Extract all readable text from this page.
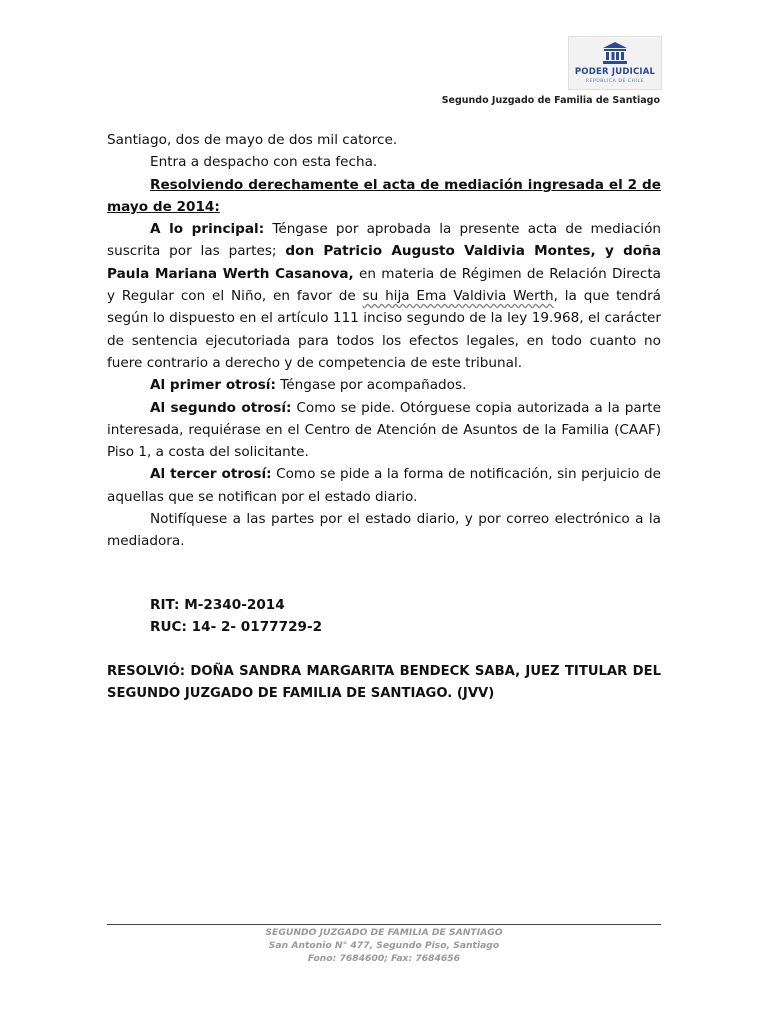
PODER JUDICIAL
REPÚBLICA DE CHILE
Segundo Juzgado de Familia de Santiago

Santiago, dos de mayo de dos mil catorce.

Entra a despacho con esta fecha.

Resolviendo derechamente el acta de mediación ingresada el 2 de mayo de 2014:

A lo principal: Téngase por aprobada la presente acta de mediación suscrita por las partes; don Patricio Augusto Valdivia Montes, y doña Paula Mariana Werth Casanova, en materia de Régimen de Relación Directa y Regular con el Niño, en favor de su hija Ema Valdivia Werth, la que tendrá según lo dispuesto en el artículo 111 inciso segundo de la ley 19.968, el carácter de sentencia ejecutoriada para todos los efectos legales, en todo cuanto no fuere contrario a derecho y de competencia de este tribunal.

Al primer otrosí: Téngase por acompañados.

Al segundo otrosí: Como se pide. Otórguese copia autorizada a la parte interesada, requiérase en el Centro de Atención de Asuntos de la Familia (CAAF) Piso 1, a costa del solicitante.

Al tercer otrosí: Como se pide a la forma de notificación, sin perjuicio de aquellas que se notifican por el estado diario.

Notifíquese a las partes por el estado diario, y por correo electrónico a la mediadora.

RIT: M-2340-2014
RUC: 14- 2- 0177729-2
RESOLVIÓ: DOÑA SANDRA MARGARITA BENDECK SABA, JUEZ TITULAR DEL SEGUNDO JUZGADO DE FAMILIA DE SANTIAGO. (JVV)
SEGUNDO JUZGADO DE FAMILIA DE SANTIAGO
San Antonio N° 477, Segundo Piso, Santiago
Fono: 7684600; Fax: 7684656
